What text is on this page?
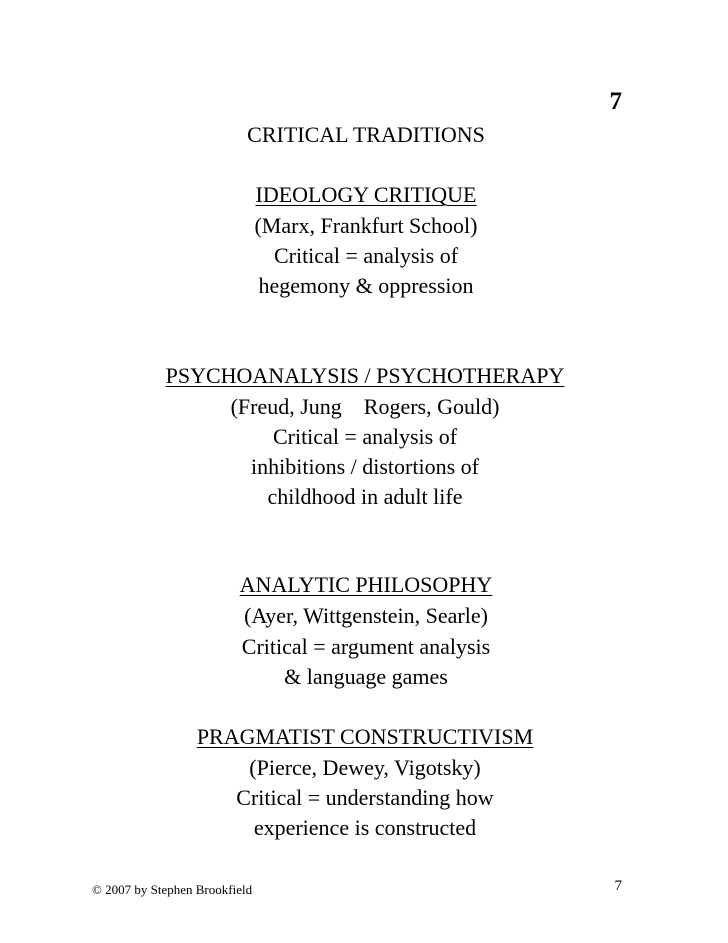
7
CRITICAL TRADITIONS
IDEOLOGY CRITIQUE
(Marx, Frankfurt School)
Critical = analysis of
hegemony & oppression
PSYCHOANALYSIS / PSYCHOTHERAPY
(Freud, Jung    Rogers, Gould)
Critical = analysis of
inhibitions / distortions of
childhood in adult life
ANALYTIC PHILOSOPHY
(Ayer, Wittgenstein, Searle)
Critical = argument analysis
& language games
PRAGMATIST CONSTRUCTIVISM
(Pierce, Dewey, Vigotsky)
Critical = understanding how
experience is constructed
© 2007 by Stephen Brookfield	7
